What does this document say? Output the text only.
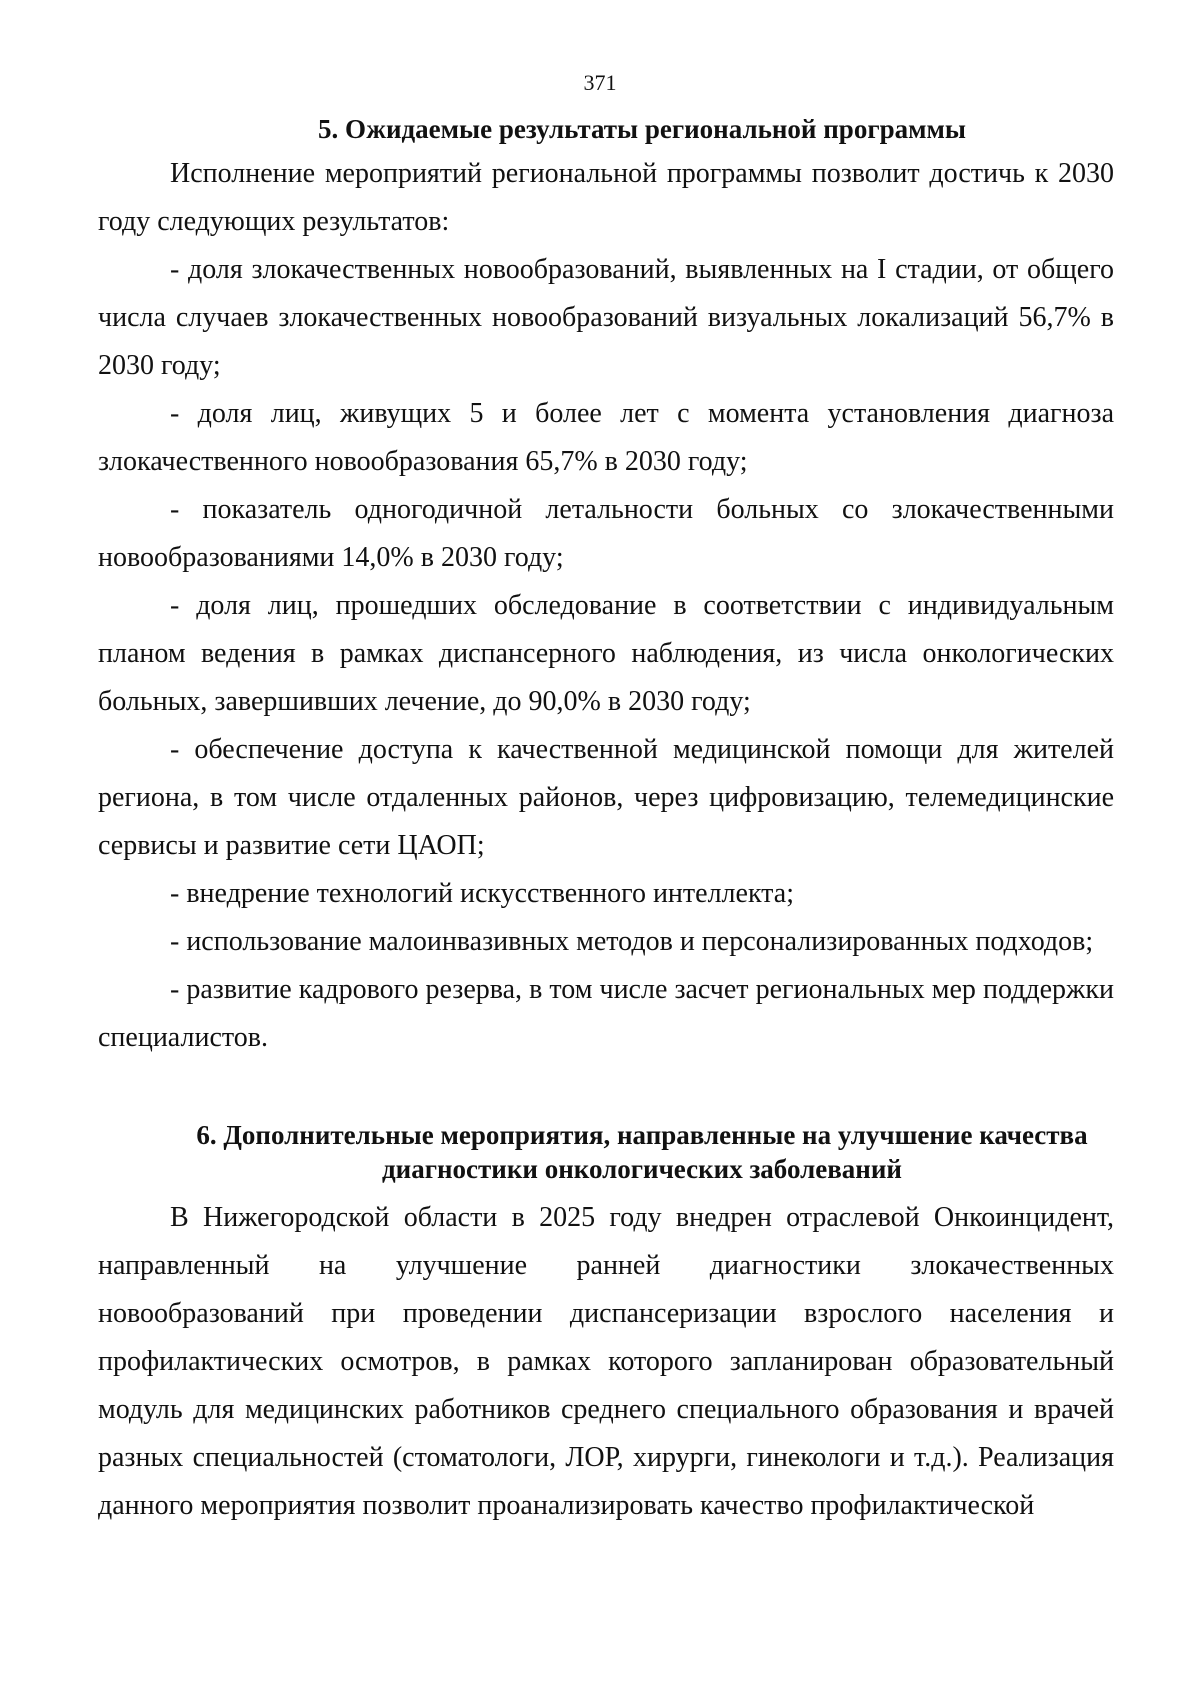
371
5. Ожидаемые результаты региональной программы

Исполнение мероприятий региональной программы позволит достичь к 2030 году следующих результатов:

- доля злокачественных новообразований, выявленных на I стадии, от общего числа случаев злокачественных новообразований визуальных локализаций 56,7% в 2030 году;

- доля лиц, живущих 5 и более лет с момента установления диагноза злокачественного новообразования 65,7% в 2030 году;

- показатель одногодичной летальности больных со злокачественными новообразованиями 14,0% в 2030 году;

- доля лиц, прошедших обследование в соответствии с индивидуальным планом ведения в рамках диспансерного наблюдения, из числа онкологических больных, завершивших лечение, до 90,0% в 2030 году;

- обеспечение доступа к качественной медицинской помощи для жителей региона, в том числе отдаленных районов, через цифровизацию, телемедицинские сервисы и развитие сети ЦАОП;

- внедрение технологий искусственного интеллекта;

- использование малоинвазивных методов и персонализированных подходов;

- развитие кадрового резерва, в том числе засчет региональных мер поддержки специалистов.

6. Дополнительные мероприятия, направленные на улучшение качества
диагностики онкологических заболеваний

В Нижегородской области в 2025 году внедрен отраслевой Онкоинцидент, направленный на улучшение ранней диагностики злокачественных новообразований при проведении диспансеризации взрослого населения и профилактических осмотров, в рамках которого запланирован образовательный модуль для медицинских работников среднего специального образования и врачей разных специальностей (стоматологи, ЛОР, хирурги, гинекологи и т.д.). Реализация данного мероприятия позволит проанализировать качество профилактической
